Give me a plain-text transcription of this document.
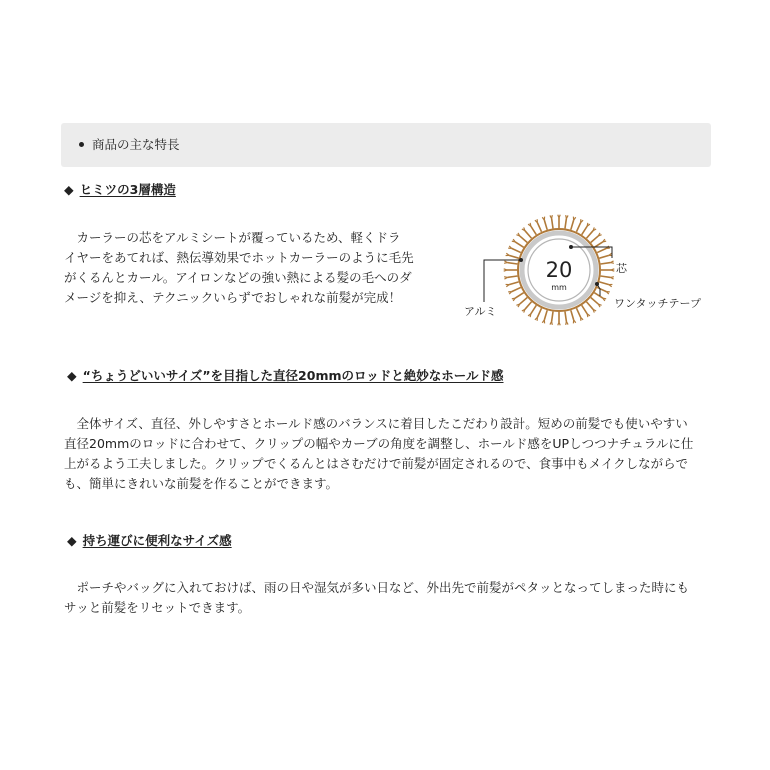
商品の主な特長
◆ ヒミツの3層構造
　カーラーの芯をアルミシートが覆っているため、軽くドラ
イヤーをあてれば、熱伝導効果でホットカーラーのように毛先
がくるんとカール。アイロンなどの強い熱による髪の毛へのダ
メージを抑え、テクニックいらずでおしゃれな前髪が完成！
20
mm
芯
アルミ
ワンタッチテープ
◆ “ちょうどいいサイズ”を目指した直径20mmのロッドと絶妙なホールド感
　全体サイズ、直径、外しやすさとホールド感のバランスに着目したこだわり設計。短めの前髪でも使いやすい
直径20mmのロッドに合わせて、クリップの幅やカーブの角度を調整し、ホールド感をUPしつつナチュラルに仕
上がるよう工夫しました。クリップでくるんとはさむだけで前髪が固定されるので、食事中もメイクしながらで
も、簡単にきれいな前髪を作ることができます。
◆ 持ち運びに便利なサイズ感
　ポーチやバッグに入れておけば、雨の日や湿気が多い日など、外出先で前髪がペタッとなってしまった時にも
サッと前髪をリセットできます。
